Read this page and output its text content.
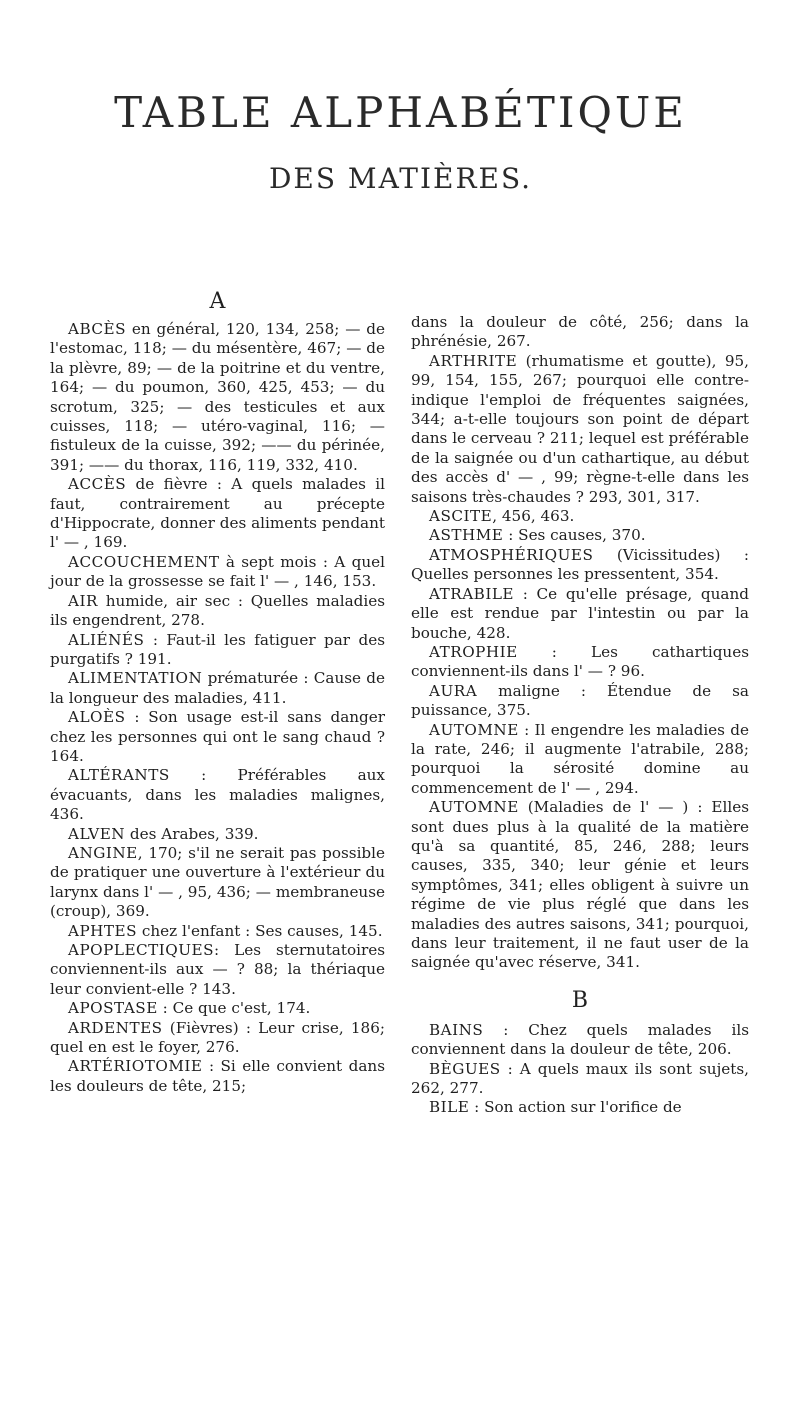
TABLE ALPHABÉTIQUE
DES MATIÈRES.
A

ABCÈS en général, 120, 134, 258; — de l'estomac, 118; — du mésentère, 467; — de la plèvre, 89; — de la poitrine et du ventre, 164; — du poumon, 360, 425, 453; — du scrotum, 325; — des testicules et aux cuisses, 118; — utéro-vaginal, 116; — fistuleux de la cuisse, 392; —— du périnée, 391; —— du thorax, 116, 119, 332, 410.

ACCÈS de fièvre : A quels malades il faut, contrairement au précepte d'Hippocrate, donner des aliments pendant l' — , 169.

ACCOUCHEMENT à sept mois : A quel jour de la grossesse se fait l' — , 146, 153.

AIR humide, air sec : Quelles maladies ils engendrent, 278.

ALIÉNÉS : Faut-il les fatiguer par des purgatifs ? 191.

ALIMENTATION prématurée : Cause de la longueur des maladies, 411.

ALOÈS : Son usage est-il sans danger chez les personnes qui ont le sang chaud ? 164.

ALTÉRANTS : Préférables aux évacuants, dans les maladies malignes, 436.

ALVEN des Arabes, 339.

ANGINE, 170; s'il ne serait pas possible de pratiquer une ouverture à l'extérieur du larynx dans l' — , 95, 436; — membraneuse (croup), 369.

APHTES chez l'enfant : Ses causes, 145.

APOPLECTIQUES: Les sternutatoires conviennent-ils aux — ? 88; la thériaque leur convient-elle ? 143.

APOSTASE : Ce que c'est, 174.

ARDENTES (Fièvres) : Leur crise, 186; quel en est le foyer, 276.

ARTÉRIOTOMIE : Si elle convient dans les douleurs de tête, 215;

dans la douleur de côté, 256; dans la phrénésie, 267.

ARTHRITE (rhumatisme et goutte), 95, 99, 154, 155, 267; pourquoi elle contre-indique l'emploi de fréquentes saignées, 344; a-t-elle toujours son point de départ dans le cerveau ? 211; lequel est préférable de la saignée ou d'un cathartique, au début des accès d' — , 99; règne-t-elle dans les saisons très-chaudes ? 293, 301, 317.

ASCITE, 456, 463.

ASTHME : Ses causes, 370.

ATMOSPHÉRIQUES (Vicissitudes) : Quelles personnes les pressentent, 354.

ATRABILE : Ce qu'elle présage, quand elle est rendue par l'intestin ou par la bouche, 428.

ATROPHIE : Les cathartiques conviennent-ils dans l' — ? 96.

AURA maligne : Étendue de sa puissance, 375.

AUTOMNE : Il engendre les maladies de la rate, 246; il augmente l'atrabile, 288; pourquoi la sérosité domine au commencement de l' — , 294.

AUTOMNE (Maladies de l' — ) : Elles sont dues plus à la qualité de la matière qu'à sa quantité, 85, 246, 288; leurs causes, 335, 340; leur génie et leurs symptômes, 341; elles obligent à suivre un régime de vie plus réglé que dans les maladies des autres saisons, 341; pourquoi, dans leur traitement, il ne faut user de la saignée qu'avec réserve, 341.

B

BAINS : Chez quels malades ils conviennent dans la douleur de tête, 206.

BÈGUES : A quels maux ils sont sujets, 262, 277.

BILE : Son action sur l'orifice de
